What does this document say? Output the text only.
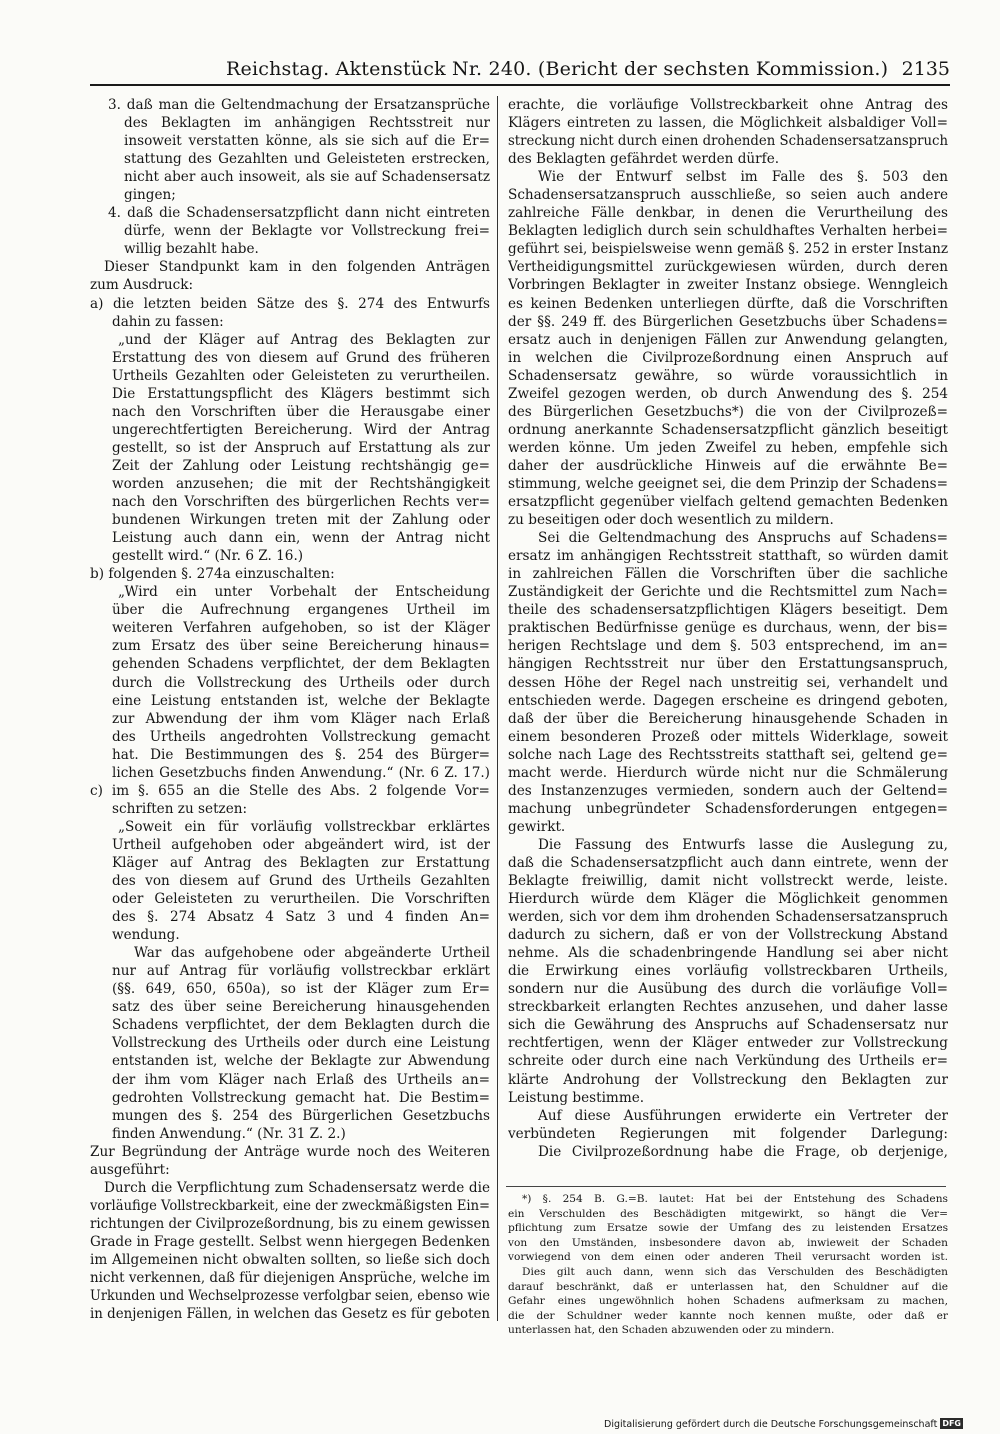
Reichstag. Aktenstück Nr. 240. (Bericht der sechsten Kommission.) 2135
3. daß man die Geltendmachung der Ersatzansprüche
des Beklagten im anhängigen Rechtsstreit nur
insoweit verstatten könne, als sie sich auf die Er=
stattung des Gezahlten und Geleisteten erstrecken,
nicht aber auch insoweit, als sie auf Schadensersatz
gingen;
4. daß die Schadensersatzpflicht dann nicht eintreten
dürfe, wenn der Beklagte vor Vollstreckung frei=
willig bezahlt habe.
Dieser Standpunkt kam in den folgenden Anträgen
zum Ausdruck:
a) die letzten beiden Sätze des §. 274 des Entwurfs
dahin zu fassen:
„und der Kläger auf Antrag des Beklagten zur
Erstattung des von diesem auf Grund des früheren
Urtheils Gezahlten oder Geleisteten zu verurtheilen.
Die Erstattungspflicht des Klägers bestimmt sich
nach den Vorschriften über die Herausgabe einer
ungerechtfertigten Bereicherung. Wird der Antrag
gestellt, so ist der Anspruch auf Erstattung als zur
Zeit der Zahlung oder Leistung rechtshängig ge=
worden anzusehen; die mit der Rechtshängigkeit
nach den Vorschriften des bürgerlichen Rechts ver=
bundenen Wirkungen treten mit der Zahlung oder
Leistung auch dann ein, wenn der Antrag nicht
gestellt wird.“ (Nr. 6 Z. 16.)
b) folgenden §. 274a einzuschalten:
„Wird ein unter Vorbehalt der Entscheidung
über die Aufrechnung ergangenes Urtheil im
weiteren Verfahren aufgehoben, so ist der Kläger
zum Ersatz des über seine Bereicherung hinaus=
gehenden Schadens verpflichtet, der dem Beklagten
durch die Vollstreckung des Urtheils oder durch
eine Leistung entstanden ist, welche der Beklagte
zur Abwendung der ihm vom Kläger nach Erlaß
des Urtheils angedrohten Vollstreckung gemacht
hat. Die Bestimmungen des §. 254 des Bürger=
lichen Gesetzbuchs finden Anwendung.“ (Nr. 6 Z. 17.)
c) im §. 655 an die Stelle des Abs. 2 folgende Vor=
schriften zu setzen:
„Soweit ein für vorläufig vollstreckbar erklärtes
Urtheil aufgehoben oder abgeändert wird, ist der
Kläger auf Antrag des Beklagten zur Erstattung
des von diesem auf Grund des Urtheils Gezahlten
oder Geleisteten zu verurtheilen. Die Vorschriften
des §. 274 Absatz 4 Satz 3 und 4 finden An=
wendung.
War das aufgehobene oder abgeänderte Urtheil
nur auf Antrag für vorläufig vollstreckbar erklärt
(§§. 649, 650, 650a), so ist der Kläger zum Er=
satz des über seine Bereicherung hinausgehenden
Schadens verpflichtet, der dem Beklagten durch die
Vollstreckung des Urtheils oder durch eine Leistung
entstanden ist, welche der Beklagte zur Abwendung
der ihm vom Kläger nach Erlaß des Urtheils an=
gedrohten Vollstreckung gemacht hat. Die Bestim=
mungen des §. 254 des Bürgerlichen Gesetzbuchs
finden Anwendung.“ (Nr. 31 Z. 2.)
Zur Begründung der Anträge wurde noch des Weiteren
ausgeführt:
Durch die Verpflichtung zum Schadensersatz werde die
vorläufige Vollstreckbarkeit, eine der zweckmäßigsten Ein=
richtungen der Civilprozeßordnung, bis zu einem gewissen
Grade in Frage gestellt. Selbst wenn hiergegen Bedenken
im Allgemeinen nicht obwalten sollten, so ließe sich doch
nicht verkennen, daß für diejenigen Ansprüche, welche im
Urkunden und Wechselprozesse verfolgbar seien, ebenso wie
in denjenigen Fällen, in welchen das Gesetz es für geboten
erachte, die vorläufige Vollstreckbarkeit ohne Antrag des
Klägers eintreten zu lassen, die Möglichkeit alsbaldiger Voll=
streckung nicht durch einen drohenden Schadensersatzanspruch
des Beklagten gefährdet werden dürfe.
Wie der Entwurf selbst im Falle des §. 503 den
Schadensersatzanspruch ausschließe, so seien auch andere
zahlreiche Fälle denkbar, in denen die Verurtheilung des
Beklagten lediglich durch sein schuldhaftes Verhalten herbei=
geführt sei, beispielsweise wenn gemäß §. 252 in erster Instanz
Vertheidigungsmittel zurückgewiesen würden, durch deren
Vorbringen Beklagter in zweiter Instanz obsiege. Wenngleich
es keinen Bedenken unterliegen dürfte, daß die Vorschriften
der §§. 249 ff. des Bürgerlichen Gesetzbuchs über Schadens=
ersatz auch in denjenigen Fällen zur Anwendung gelangten,
in welchen die Civilprozeßordnung einen Anspruch auf
Schadensersatz gewähre, so würde voraussichtlich in
Zweifel gezogen werden, ob durch Anwendung des §. 254
des Bürgerlichen Gesetzbuchs*) die von der Civilprozeß=
ordnung anerkannte Schadensersatzpflicht gänzlich beseitigt
werden könne. Um jeden Zweifel zu heben, empfehle sich
daher der ausdrückliche Hinweis auf die erwähnte Be=
stimmung, welche geeignet sei, die dem Prinzip der Schadens=
ersatzpflicht gegenüber vielfach geltend gemachten Bedenken
zu beseitigen oder doch wesentlich zu mildern.
Sei die Geltendmachung des Anspruchs auf Schadens=
ersatz im anhängigen Rechtsstreit statthaft, so würden damit
in zahlreichen Fällen die Vorschriften über die sachliche
Zuständigkeit der Gerichte und die Rechtsmittel zum Nach=
theile des schadensersatzpflichtigen Klägers beseitigt. Dem
praktischen Bedürfnisse genüge es durchaus, wenn, der bis=
herigen Rechtslage und dem §. 503 entsprechend, im an=
hängigen Rechtsstreit nur über den Erstattungsanspruch,
dessen Höhe der Regel nach unstreitig sei, verhandelt und
entschieden werde. Dagegen erscheine es dringend geboten,
daß der über die Bereicherung hinausgehende Schaden in
einem besonderen Prozeß oder mittels Widerklage, soweit
solche nach Lage des Rechtsstreits statthaft sei, geltend ge=
macht werde. Hierdurch würde nicht nur die Schmälerung
des Instanzenzuges vermieden, sondern auch der Geltend=
machung unbegründeter Schadensforderungen entgegen=
gewirkt.
Die Fassung des Entwurfs lasse die Auslegung zu,
daß die Schadensersatzpflicht auch dann eintrete, wenn der
Beklagte freiwillig, damit nicht vollstreckt werde, leiste.
Hierdurch würde dem Kläger die Möglichkeit genommen
werden, sich vor dem ihm drohenden Schadensersatzanspruch
dadurch zu sichern, daß er von der Vollstreckung Abstand
nehme. Als die schadenbringende Handlung sei aber nicht
die Erwirkung eines vorläufig vollstreckbaren Urtheils,
sondern nur die Ausübung des durch die vorläufige Voll=
streckbarkeit erlangten Rechtes anzusehen, und daher lasse
sich die Gewährung des Anspruchs auf Schadensersatz nur
rechtfertigen, wenn der Kläger entweder zur Vollstreckung
schreite oder durch eine nach Verkündung des Urtheils er=
klärte Androhung der Vollstreckung den Beklagten zur
Leistung bestimme.
Auf diese Ausführungen erwiderte ein Vertreter der
verbündeten Regierungen mit folgender Darlegung:
Die Civilprozeßordnung habe die Frage, ob derjenige,
*) §. 254 B. G.=B. lautet: Hat bei der Entstehung des Schadens
ein Verschulden des Beschädigten mitgewirkt, so hängt die Ver=
pflichtung zum Ersatze sowie der Umfang des zu leistenden Ersatzes
von den Umständen, insbesondere davon ab, inwieweit der Schaden
vorwiegend von dem einen oder anderen Theil verursacht worden ist.
Dies gilt auch dann, wenn sich das Verschulden des Beschädigten
darauf beschränkt, daß er unterlassen hat, den Schuldner auf die
Gefahr eines ungewöhnlich hohen Schadens aufmerksam zu machen,
die der Schuldner weder kannte noch kennen mußte, oder daß er
unterlassen hat, den Schaden abzuwenden oder zu mindern.
Digitalisierung gefördert durch die Deutsche Forschungsgemeinschaft DFG
